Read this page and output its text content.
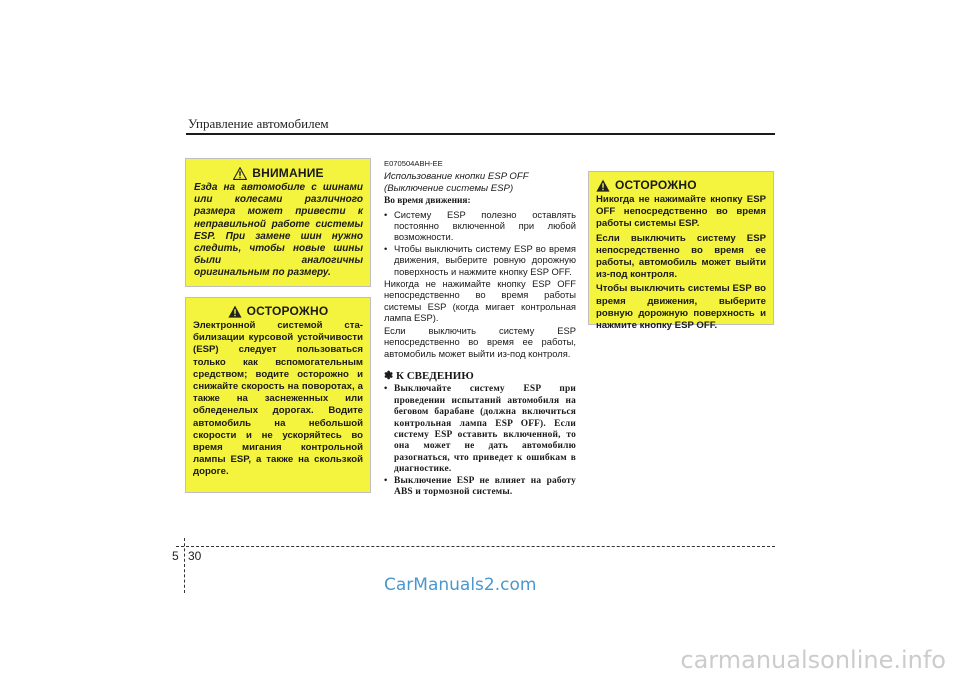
Управление автомобилем
ВНИМАНИЕ
Езда на автомобиле с шинами или колесами различного размера может привести к неправильной работе системы ESP. При замене шин нужно следить, чтобы новые шины были аналогичны оригинальным по размеру.
ОСТОРОЖНО
Электронной системой ста-билизации курсовой устойчивости (ESP) следует пользоваться только как вспомогательным средством; водите осторожно и снижайте скорость на поворотах, а также на заснеженных или обледенелых дорогах. Водите автомобиль на небольшой скорости и не ускоряйтесь во время мигания контрольной лампы ESP, а также на скользкой дороге.
E070504ABH-EE
Использование кнопки ESP OFF (Выключение системы ESP)
Во время движения:
• Систему ESP полезно оставлять постоянно включенной при любой возможности.
• Чтобы выключить систему ESP во время движения, выберите ровную дорожную поверхность и нажмите кнопку ESP OFF.
Никогда не нажимайте кнопку ESP OFF непосредственно во время работы системы ESP (когда мигает контрольная лампа ESP).
Если выключить систему ESP непосредственно во время ее работы, автомобиль может выйти из-под контроля.
✽ К СВЕДЕНИЮ
• Выключайте систему ESP при проведении испытаний автомобиля на беговом барабане (должна включиться контрольная лампа ESP OFF). Если систему ESP оставить включенной, то она может не дать автомобилю разогнаться, что приведет к ошибкам в диагностике.
• Выключение ESP не влияет на работу ABS и тормозной системы.
ОСТОРОЖНО

Никогда не нажимайте кнопку ESP OFF непосредственно во время работы системы ESP.

Если выключить систему ESP непосредственно во время ее работы, автомобиль может выйти из-под контроля.

Чтобы выключить системы ESP во время движения, выберите ровную дорожную поверхность и нажмите кнопку ESP OFF.

5 30
CarManuals2.com
carmanualsonline.info
